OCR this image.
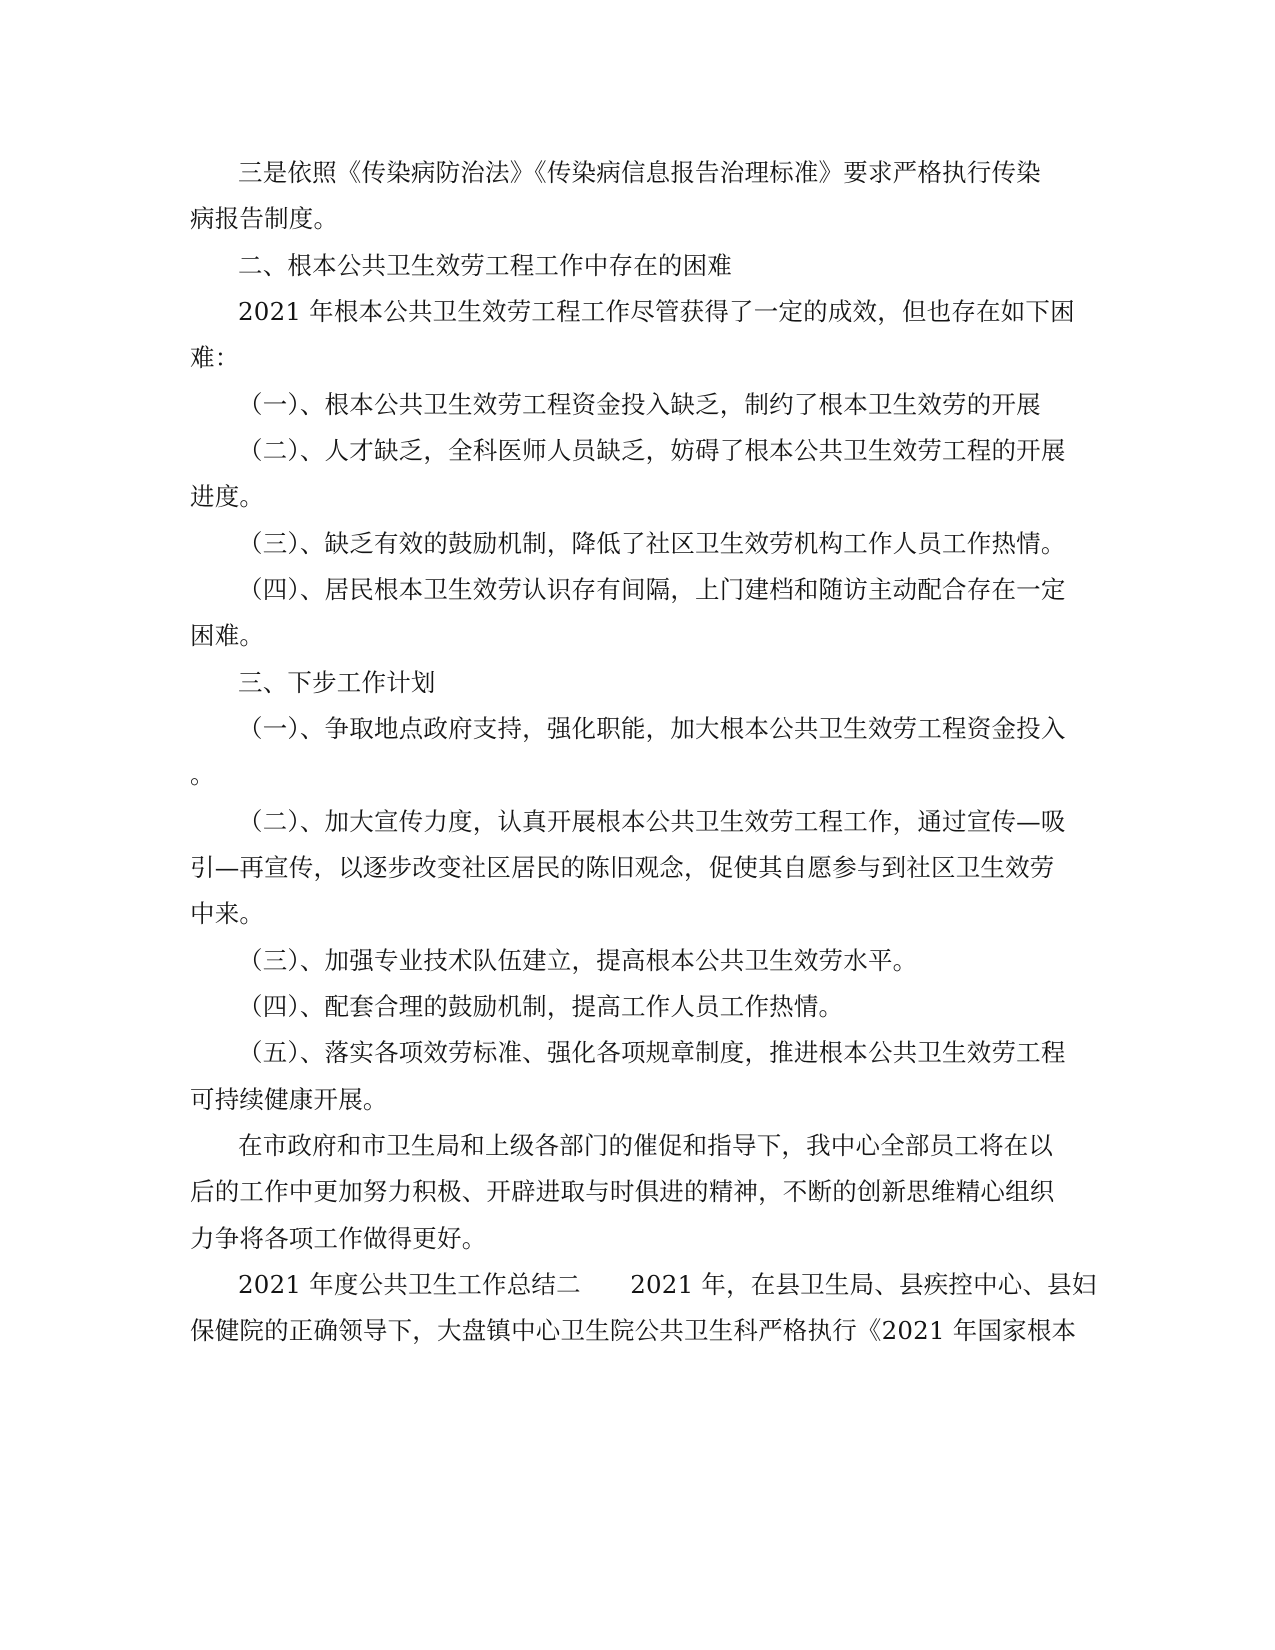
三是依照《传染病防治法》《传染病信息报告治理标准》要求严格执行传染

病报告制度。

二、根本公共卫生效劳工程工作中存在的困难

2021 年根本公共卫生效劳工程工作尽管获得了一定的成效，但也存在如下困

难：

（一）、根本公共卫生效劳工程资金投入缺乏，制约了根本卫生效劳的开展

（二）、人才缺乏，全科医师人员缺乏，妨碍了根本公共卫生效劳工程的开展

进度。

（三）、缺乏有效的鼓励机制，降低了社区卫生效劳机构工作人员工作热情。

（四）、居民根本卫生效劳认识存有间隔，上门建档和随访主动配合存在一定

困难。

三、下步工作计划

（一）、争取地点政府支持，强化职能，加大根本公共卫生效劳工程资金投入

。

（二）、加大宣传力度，认真开展根本公共卫生效劳工程工作，通过宣传—吸

引—再宣传，以逐步改变社区居民的陈旧观念，促使其自愿参与到社区卫生效劳

中来。

（三）、加强专业技术队伍建立，提高根本公共卫生效劳水平。

（四）、配套合理的鼓励机制，提高工作人员工作热情。

（五）、落实各项效劳标准、强化各项规章制度，推进根本公共卫生效劳工程

可持续健康开展。

在市政府和市卫生局和上级各部门的催促和指导下，我中心全部员工将在以

后的工作中更加努力积极、开辟进取与时俱进的精神，不断的创新思维精心组织

力争将各项工作做得更好。

2021 年度公共卫生工作总结二　　2021 年，在县卫生局、县疾控中心、县妇

保健院的正确领导下，大盘镇中心卫生院公共卫生科严格执行《2021 年国家根本
